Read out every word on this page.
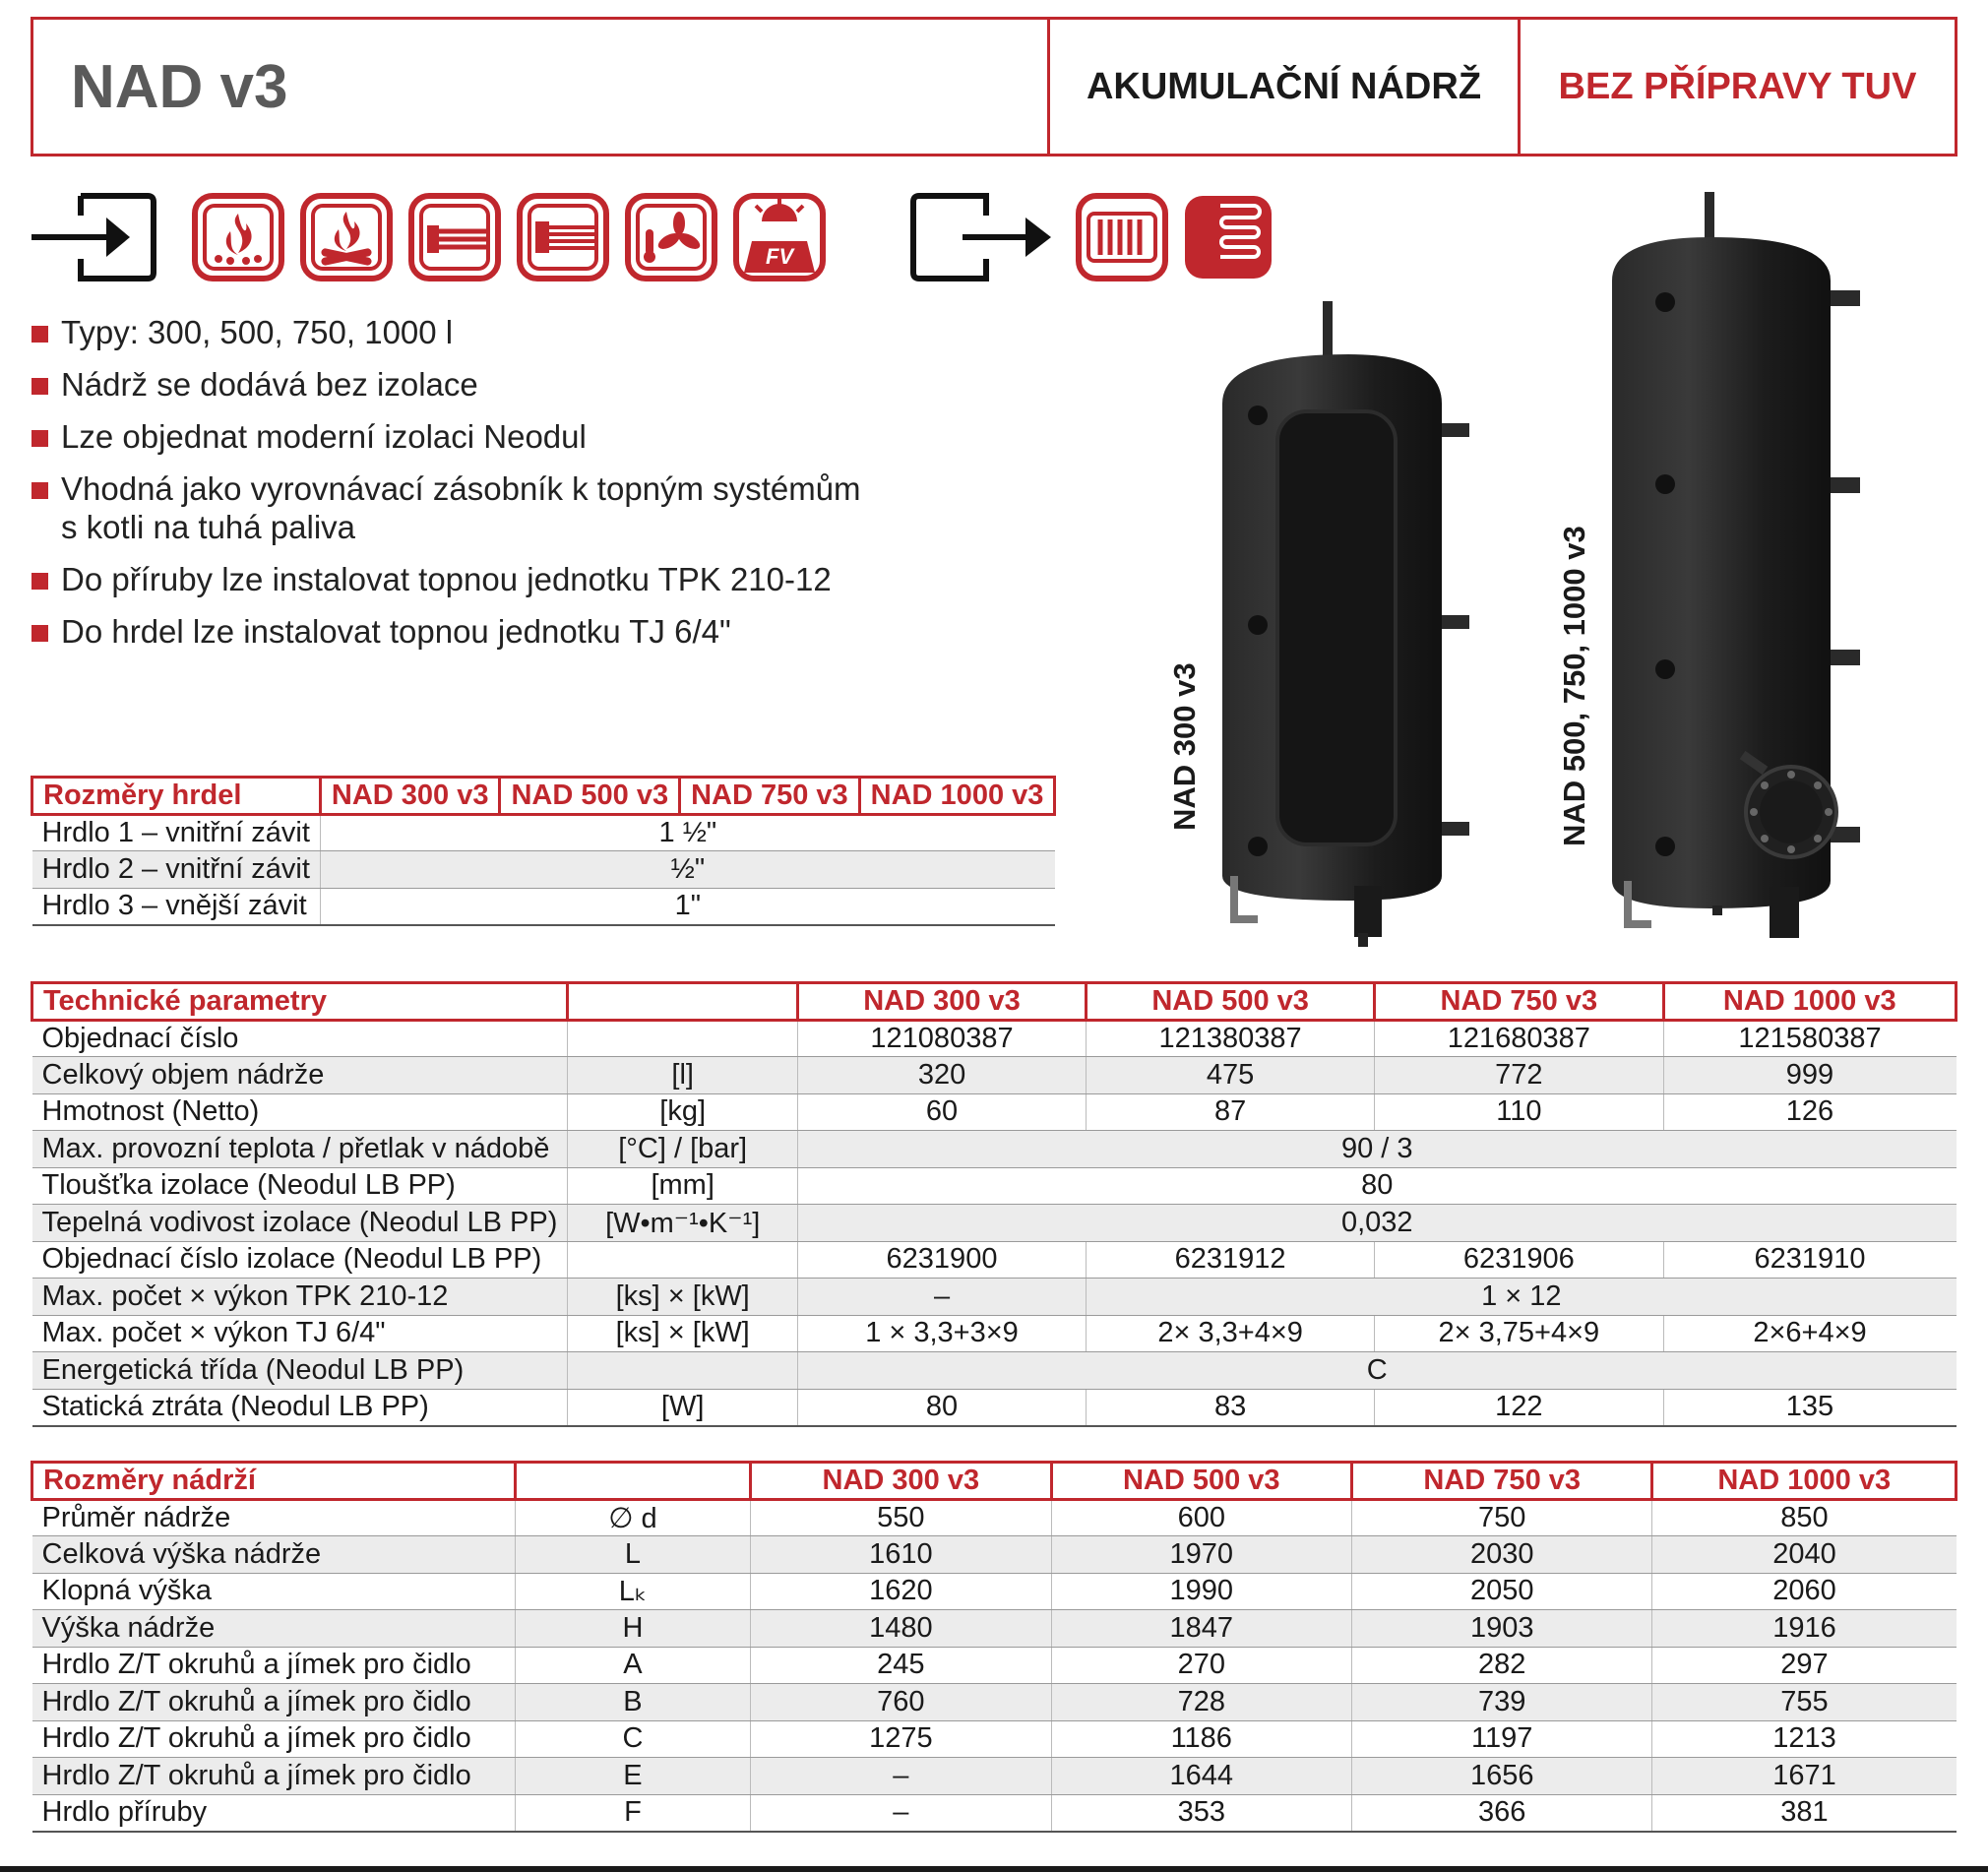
NAD v3	AKUMULAČNÍ NÁDRŽ	BEZ PŘÍPRAVY TUV
FV
Typy: 300, 500, 750, 1000 l
Nádrž se dodává bez izolace
Lze objednat moderní izolaci Neodul
Vhodná jako vyrovnávací zásobník k topným systémům
s kotli na tuhá paliva
Do příruby lze instalovat topnou jednotku TPK 210-12
Do hrdel lze instalovat topnou jednotku TJ 6/4"
NAD 300 v3	NAD 500, 750, 1000 v3
Rozměry hrdel	NAD 300 v3	NAD 500 v3	NAD 750 v3	NAD 1000 v3
Hrdlo 1 – vnitřní závit	1 ½"			
Hrdlo 2 – vnitřní závit	½"			
Hrdlo 3 – vnější závit	1"			
Technické parametry		NAD 300 v3	NAD 500 v3	NAD 750 v3	NAD 1000 v3
Objednací číslo		121080387	121380387	121680387	121580387
Celkový objem nádrže	[l]	320	475	772	999
Hmotnost (Netto)	[kg]	60	87	110	126
Max. provozní teplota / přetlak v nádobě	[°C] / [bar]	90 / 3			
Tloušťka izolace (Neodul LB PP)	[mm]	80			
Tepelná vodivost izolace (Neodul LB PP)	[W•m⁻¹•K⁻¹]	0,032			
Objednací číslo izolace (Neodul LB PP)		6231900	6231912	6231906	6231910
Max. počet × výkon TPK 210-12	[ks] × [kW]	–	1 × 12		
Max. počet × výkon TJ 6/4"	[ks] × [kW]	1 × 3,3+3×9	2× 3,3+4×9	2× 3,75+4×9	2×6+4×9
Energetická třída (Neodul LB PP)		C			
Statická ztráta (Neodul LB PP)	[W]	80	83	122	135
Rozměry nádrží		NAD 300 v3	NAD 500 v3	NAD 750 v3	NAD 1000 v3
Průměr nádrže	∅ d	550	600	750	850
Celková výška nádrže	L	1610	1970	2030	2040
Klopná výška	Lₖ	1620	1990	2050	2060
Výška nádrže	H	1480	1847	1903	1916
Hrdlo Z/T okruhů a jímek pro čidlo	A	245	270	282	297
Hrdlo Z/T okruhů a jímek pro čidlo	B	760	728	739	755
Hrdlo Z/T okruhů a jímek pro čidlo	C	1275	1186	1197	1213
Hrdlo Z/T okruhů a jímek pro čidlo	E	–	1644	1656	1671
Hrdlo příruby	F	–	353	366	381
